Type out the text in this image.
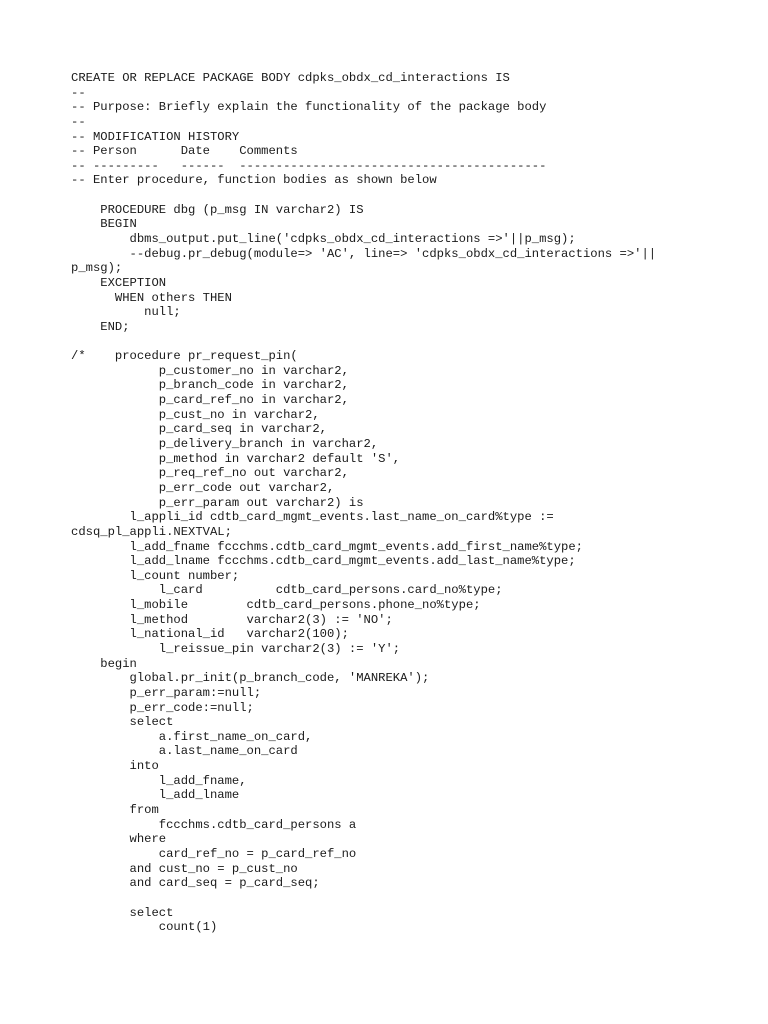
CREATE OR REPLACE PACKAGE BODY cdpks_obdx_cd_interactions IS
--
-- Purpose: Briefly explain the functionality of the package body
--
-- MODIFICATION HISTORY
-- Person      Date    Comments
-- ---------   ------  ------------------------------------------
-- Enter procedure, function bodies as shown below
PROCEDURE dbg (p_msg IN varchar2) IS
BEGIN
dbms_output.put_line('cdpks_obdx_cd_interactions =>'||p_msg);
--debug.pr_debug(module=> 'AC', line=> 'cdpks_obdx_cd_interactions =>'||
p_msg);
EXCEPTION
WHEN others THEN
null;
END;
/*    procedure pr_request_pin(
p_customer_no in varchar2,
p_branch_code in varchar2,
p_card_ref_no in varchar2,
p_cust_no in varchar2,
p_card_seq in varchar2,
p_delivery_branch in varchar2,
p_method in varchar2 default 'S',
p_req_ref_no out varchar2,
p_err_code out varchar2,
p_err_param out varchar2) is
l_appli_id cdtb_card_mgmt_events.last_name_on_card%type :=
cdsq_pl_appli.NEXTVAL;
l_add_fname fccchms.cdtb_card_mgmt_events.add_first_name%type;
l_add_lname fccchms.cdtb_card_mgmt_events.add_last_name%type;
l_count number;
l_card          cdtb_card_persons.card_no%type;
l_mobile        cdtb_card_persons.phone_no%type;
l_method        varchar2(3) := 'NO';
l_national_id   varchar2(100);
l_reissue_pin varchar2(3) := 'Y';
begin
global.pr_init(p_branch_code, 'MANREKA');
p_err_param:=null;
p_err_code:=null;
select
a.first_name_on_card,
a.last_name_on_card
into
l_add_fname,
l_add_lname
from
fccchms.cdtb_card_persons a
where
card_ref_no = p_card_ref_no
and cust_no = p_cust_no
and card_seq = p_card_seq;
select
count(1)
